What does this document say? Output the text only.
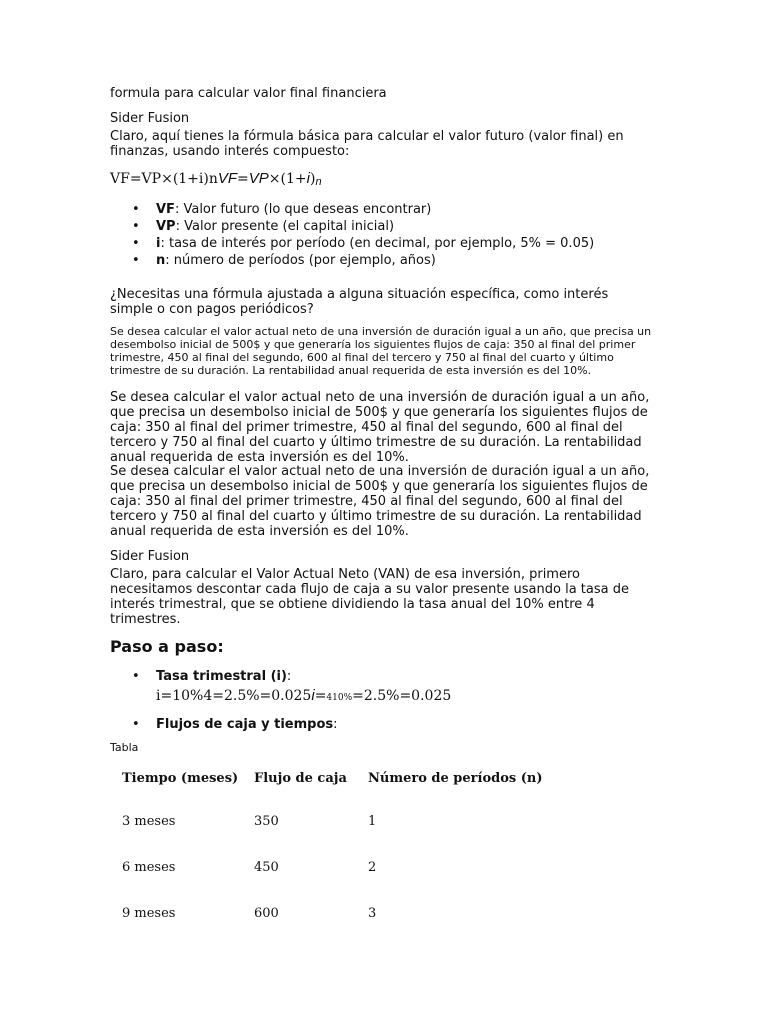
formula para calcular valor final financiera

Sider Fusion

Claro, aquí tienes la fórmula básica para calcular el valor futuro (valor final) en finanzas, usando interés compuesto:

VF=VP×(1+i)nVF=VP×(1+i)n

• VF: Valor futuro (lo que deseas encontrar)
• VP: Valor presente (el capital inicial)
• i: tasa de interés por período (en decimal, por ejemplo, 5% = 0.05)
• n: número de períodos (por ejemplo, años)

¿Necesitas una fórmula ajustada a alguna situación específica, como interés simple o con pagos periódicos?

Se desea calcular el valor actual neto de una inversión de duración igual a un año, que precisa un desembolso inicial de 500$ y que generaría los siguientes flujos de caja: 350 al final del primer trimestre, 450 al final del segundo, 600 al final del tercero y 750 al final del cuarto y último trimestre de su duración. La rentabilidad anual requerida de esta inversión es del 10%.

Se desea calcular el valor actual neto de una inversión de duración igual a un año, que precisa un desembolso inicial de 500$ y que generaría los siguientes flujos de caja: 350 al final del primer trimestre, 450 al final del segundo, 600 al final del tercero y 750 al final del cuarto y último trimestre de su duración. La rentabilidad anual requerida de esta inversión es del 10%.

Se desea calcular el valor actual neto de una inversión de duración igual a un año, que precisa un desembolso inicial de 500$ y que generaría los siguientes flujos de caja: 350 al final del primer trimestre, 450 al final del segundo, 600 al final del tercero y 750 al final del cuarto y último trimestre de su duración. La rentabilidad anual requerida de esta inversión es del 10%.

Sider Fusion

Claro, para calcular el Valor Actual Neto (VAN) de esa inversión, primero necesitamos descontar cada flujo de caja a su valor presente usando la tasa de interés trimestral, que se obtiene dividiendo la tasa anual del 10% entre 4 trimestres.

Paso a paso:
• Tasa trimestral (i):

i=10%4=2.5%=0.025i=410%=2.5%=0.025

• Flujos de caja y tiempos:

Tabla

Tiempo (meses)	Flujo de caja	Número de períodos (n)
3 meses	350	1
6 meses	450	2
9 meses	600	3
